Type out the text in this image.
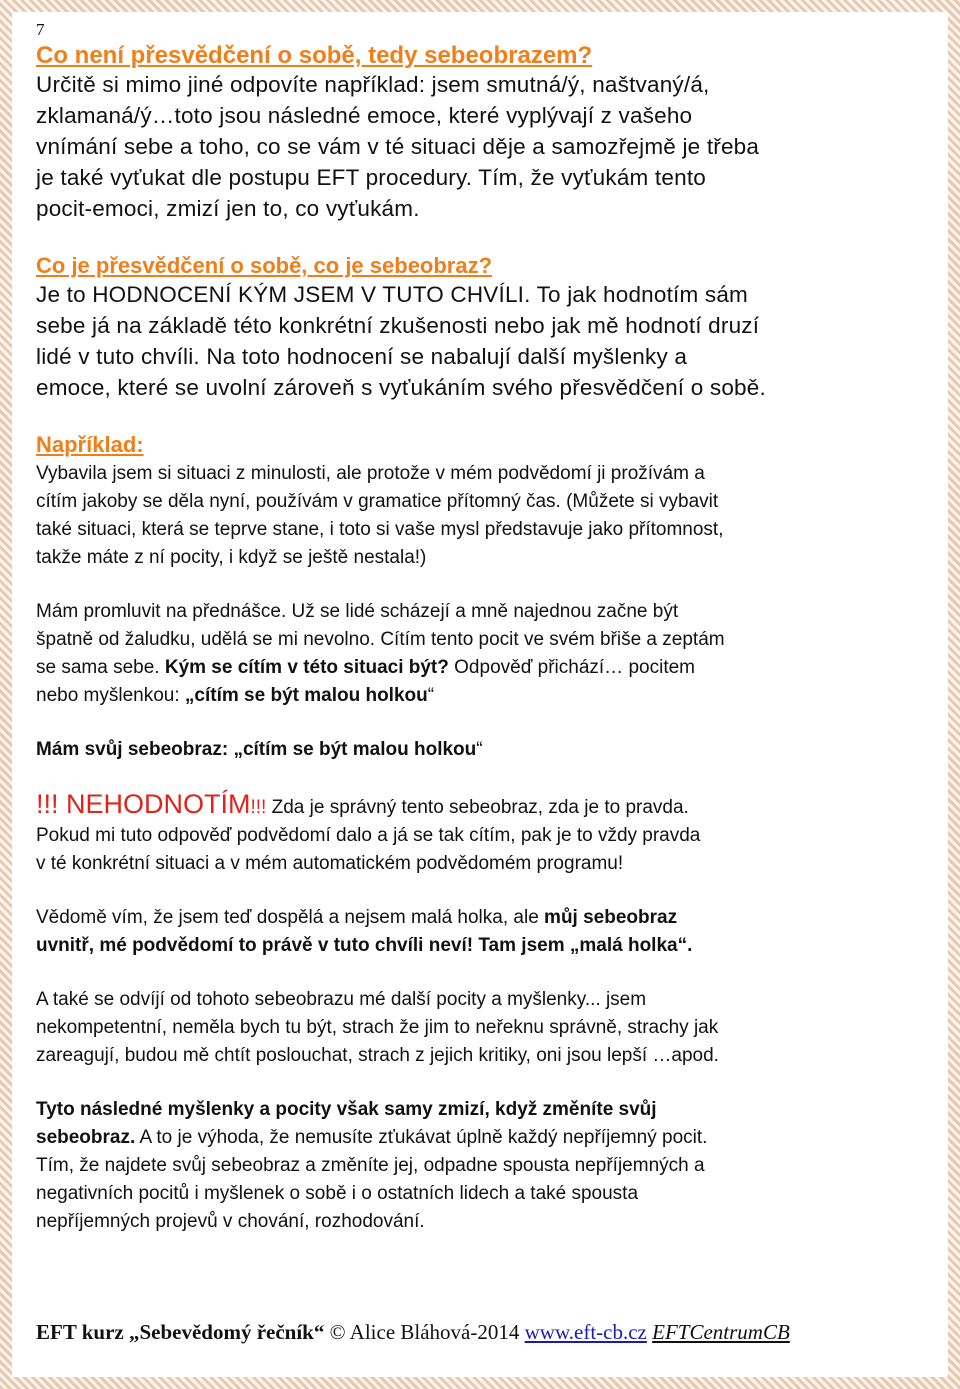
7

Co není přesvědčení o sobě, tedy sebeobrazem?

Určitě si mimo jiné odpovíte například: jsem smutná/ý, naštvaný/á,

zklamaná/ý…toto jsou následné emoce, které vyplývají z vašeho

vnímání sebe a toho, co se vám v té situaci děje a samozřejmě je třeba

je také vyťukat dle postupu EFT procedury. Tím, že vyťukám tento

pocit-emoci, zmizí jen to, co vyťukám.

Co je přesvědčení o sobě, co je sebeobraz?

Je to HODNOCENÍ KÝM JSEM V TUTO CHVÍLI. To jak hodnotím sám

sebe já na základě této konkrétní zkušenosti nebo jak mě hodnotí druzí

lidé v tuto chvíli. Na toto hodnocení se nabalují další myšlenky a

emoce, které se uvolní zároveň s vyťukáním svého přesvědčení o sobě.

Například:

Vybavila jsem si situaci z minulosti, ale protože v mém podvědomí ji prožívám a

cítím jakoby se děla nyní, používám v gramatice přítomný čas. (Můžete si vybavit

také situaci, která se teprve stane, i toto si vaše mysl představuje jako přítomnost,

takže máte z ní pocity, i když se ještě nestala!)

Mám promluvit na přednášce. Už se lidé scházejí a mně najednou začne být

špatně od žaludku, udělá se mi nevolno. Cítím tento pocit ve svém břiše a zeptám

se sama sebe. Kým se cítím v této situaci být? Odpověď přichází… pocitem

nebo myšlenkou: „cítím se být malou holkou“

Mám svůj sebeobraz: „cítím se být malou holkou“

!!! NEHODNOTÍM!!! Zda je správný tento sebeobraz, zda je to pravda.

Pokud mi tuto odpověď podvědomí dalo a já se tak cítím, pak je to vždy pravda

v té konkrétní situaci a v mém automatickém podvědomém programu!

Vědomě vím, že jsem teď dospělá a nejsem malá holka, ale můj sebeobraz

uvnitř, mé podvědomí to právě v tuto chvíli neví! Tam jsem „malá holka“.

A také se odvíjí od tohoto sebeobrazu mé další pocity a myšlenky... jsem

nekompetentní, neměla bych tu být, strach že jim to neřeknu správně, strachy jak

zareagují, budou mě chtít poslouchat, strach z jejich kritiky, oni jsou lepší …apod.

Tyto následné myšlenky a pocity však samy zmizí, když změníte svůj

sebeobraz. A to je výhoda, že nemusíte zťukávat úplně každý nepříjemný pocit.

Tím, že najdete svůj sebeobraz a změníte jej, odpadne spousta nepříjemných a

negativních pocitů i myšlenek o sobě i o ostatních lidech a také spousta

nepříjemných projevů v chování, rozhodování.

EFT kurz „Sebevědomý řečník“ © Alice Bláhová-2014 www.eft-cb.cz EFTCentrumCB
